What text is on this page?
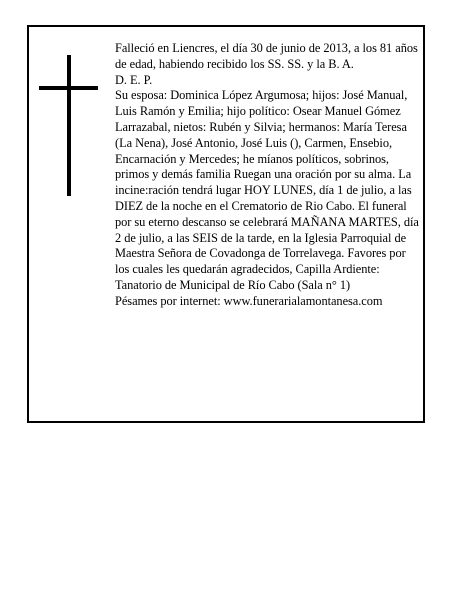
Falleció en Liencres, el día 30 de junio de 2013, a los 81 años de edad, habiendo recibido los SS. SS. y la B. A.

D. E. P.

Su esposa: Dominica López Argumosa; hijos: José Manual, Luis Ramón y Emilia; hijo político: Osear Manuel Gómez Larrazabal, nietos: Rubén y Silvia; hermanos: María Teresa (La Nena), José Antonio, José Luis (), Carmen, Ensebio, Encarnación y Mercedes; he míanos políticos, sobrinos, primos y demás familia Ruegan una oración por su alma. La incine:ración tendrá lugar HOY LUNES, día 1 de julio, a las DIEZ de la noche en el Crematorio de Rio Cabo. El funeral por su eterno descanso se celebrará MAÑANA MARTES, día 2 de julio, a las SEIS de la tarde, en la Iglesia Parroquial de Maestra Señora de Covadonga de Torrelavega. Favores por los cuales les quedarán agradecidos, Capilla Ardiente: Tanatorio de Municipal de Río Cabo (Sala n° 1)

Pésames por internet: www.funerarialamontanesa.com
